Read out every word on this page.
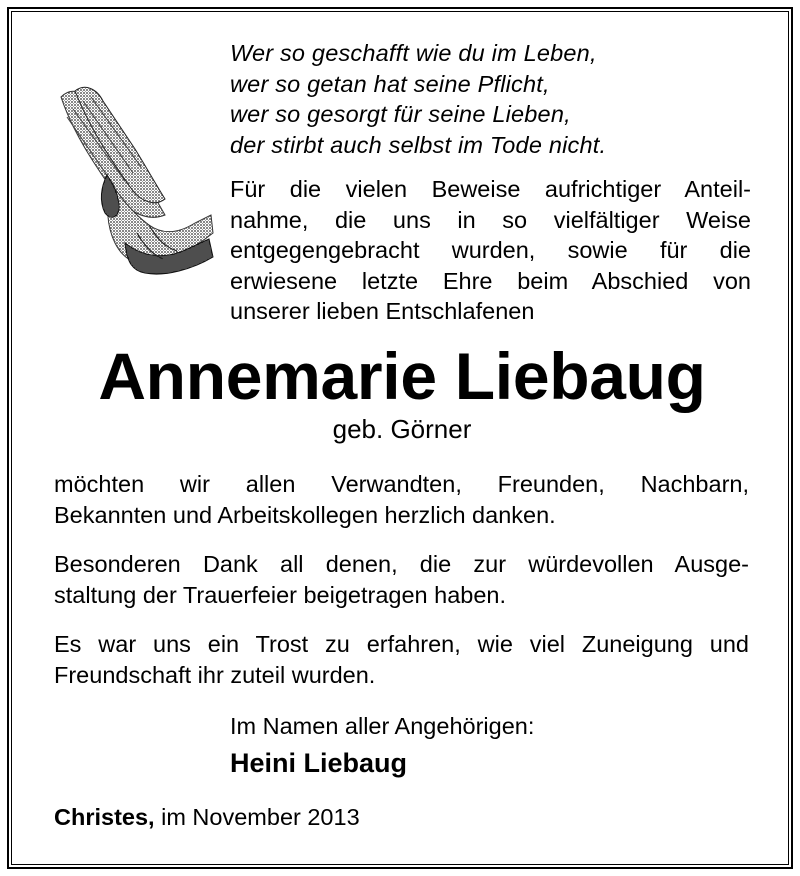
Wer so geschafft wie du im Leben,
wer so getan hat seine Pflicht,
wer so gesorgt für seine Lieben,
der stirbt auch selbst im Tode nicht.
Für die vielen Beweise aufrichtiger Anteil-
nahme, die uns in so vielfältiger Weise
entgegengebracht wurden, sowie für die
erwiesene letzte Ehre beim Abschied von
unserer lieben Entschlafenen
Annemarie Liebaug
geb. Görner
möchten wir allen Verwandten, Freunden, Nachbarn,
Bekannten und Arbeitskollegen herzlich danken.
Besonderen Dank all denen, die zur würdevollen Ausge-
staltung der Trauerfeier beigetragen haben.
Es war uns ein Trost zu erfahren, wie viel Zuneigung und
Freundschaft ihr zuteil wurden.
Im Namen aller Angehörigen:
Heini Liebaug
Christes, im November 2013
